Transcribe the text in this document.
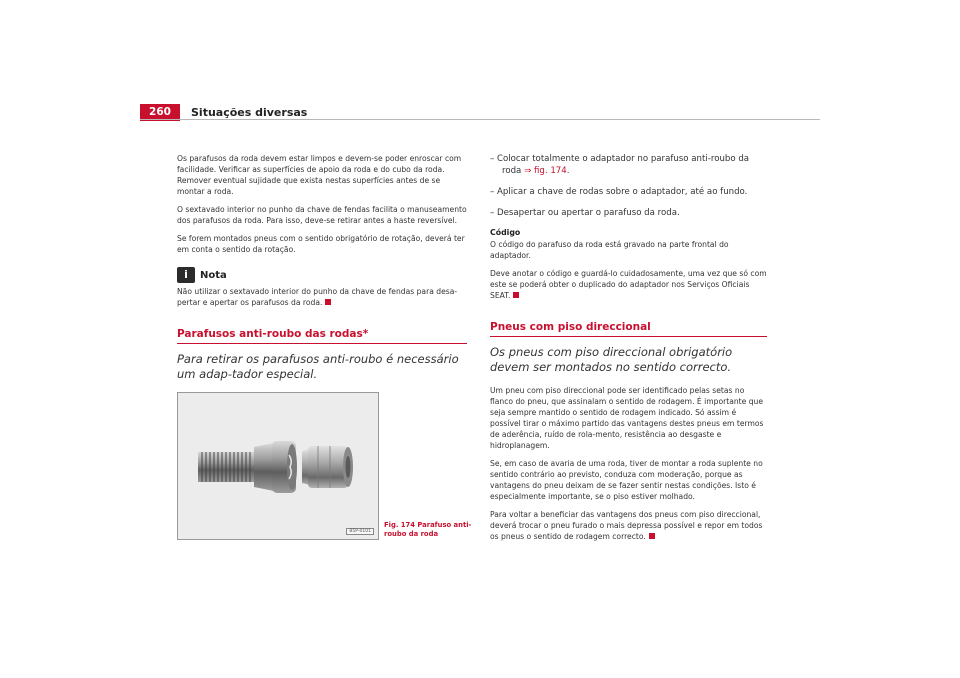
260	Situações diversas

Os parafusos da roda devem estar limpos e devem-se poder enroscar com facilidade. Verificar as superfícies de apoio da roda e do cubo da roda. Remover eventual sujidade que exista nestas superfícies antes de se montar a roda.

O sextavado interior no punho da chave de fendas facilita o manuseamento dos parafusos da roda. Para isso, deve-se retirar antes a haste reversível.

Se forem montados pneus com o sentido obrigatório de rotação, deverá ter em conta o sentido da rotação.

i	Nota

Não utilizar o sextavado interior do punho da chave de fendas para desa-pertar e apertar os parafusos da roda.

Parafusos anti-roubo das rodas*
Para retirar os parafusos anti-roubo é necessário um adap-tador especial.
B5P-0101
Fig. 174 Parafuso anti-roubo da roda

– Colocar totalmente o adaptador no parafuso anti-roubo da roda ⇒ fig. 174.

– Aplicar a chave de rodas sobre o adaptador, até ao fundo.

– Desapertar ou apertar o parafuso da roda.

Código

O código do parafuso da roda está gravado na parte frontal do adaptador.

Deve anotar o código e guardá-lo cuidadosamente, uma vez que só com este se poderá obter o duplicado do adaptador nos Serviços Oficiais SEAT.

Pneus com piso direccional
Os pneus com piso direccional obrigatório devem ser montados no sentido correcto.

Um pneu com piso direccional pode ser identificado pelas setas no flanco do pneu, que assinalam o sentido de rodagem. É importante que seja sempre mantido o sentido de rodagem indicado. Só assim é possível tirar o máximo partido das vantagens destes pneus em termos de aderência, ruído de rola-mento, resistência ao desgaste e hidroplanagem.

Se, em caso de avaria de uma roda, tiver de montar a roda suplente no sentido contrário ao previsto, conduza com moderação, porque as vantagens do pneu deixam de se fazer sentir nestas condições. Isto é especialmente importante, se o piso estiver molhado.

Para voltar a beneficiar das vantagens dos pneus com piso direccional, deverá trocar o pneu furado o mais depressa possível e repor em todos os pneus o sentido de rodagem correcto.
